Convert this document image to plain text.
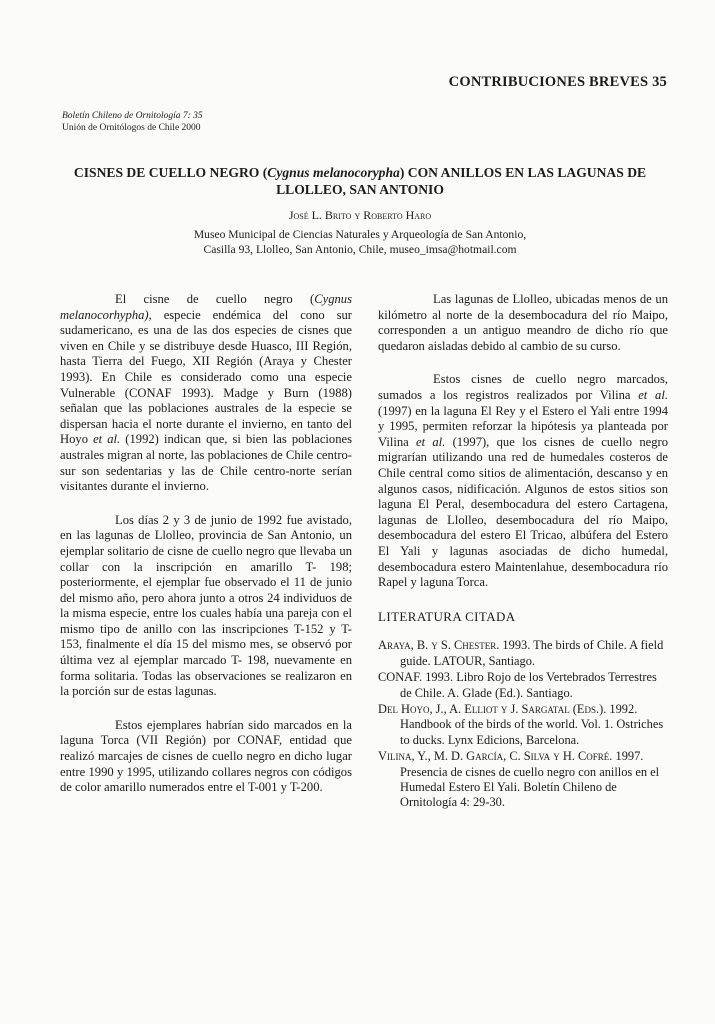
CONTRIBUCIONES BREVES 35
Boletín Chileno de Ornitología 7: 35
Unión de Ornitólogos de Chile 2000
CISNES DE CUELLO NEGRO (Cygnus melanocorypha) CON ANILLOS EN LAS LAGUNAS DE LLOLLEO, SAN ANTONIO
José L. Brito y Roberto Haro
Museo Municipal de Ciencias Naturales y Arqueología de San Antonio,
Casilla 93, Llolleo, San Antonio, Chile, museo_imsa@hotmail.com

El cisne de cuello negro (Cygnus melanocorhypha), especie endémica del cono sur sudamericano, es una de las dos especies de cisnes que viven en Chile y se distribuye desde Huasco, III Región, hasta Tierra del Fuego, XII Región (Araya y Chester 1993). En Chile es considerado como una especie Vulnerable (CONAF 1993). Madge y Burn (1988) señalan que las poblaciones australes de la especie se dispersan hacia el norte durante el invierno, en tanto del Hoyo et al. (1992) indican que, si bien las poblaciones australes migran al norte, las poblaciones de Chile centro-sur son sedentarias y las de Chile centro-norte serían visitantes durante el invierno.

Los días 2 y 3 de junio de 1992 fue avistado, en las lagunas de Llolleo, provincia de San Antonio, un ejemplar solitario de cisne de cuello negro que llevaba un collar con la inscripción en amarillo T- 198; posteriormente, el ejemplar fue observado el 11 de junio del mismo año, pero ahora junto a otros 24 individuos de la misma especie, entre los cuales había una pareja con el mismo tipo de anillo con las inscripciones T-152 y T- 153, finalmente el día 15 del mismo mes, se observó por última vez al ejemplar marcado T- 198, nuevamente en forma solitaria. Todas las observaciones se realizaron en la porción sur de estas lagunas.

Estos ejemplares habrían sido marcados en la laguna Torca (VII Región) por CONAF, entidad que realizó marcajes de cisnes de cuello negro en dicho lugar entre 1990 y 1995, utilizando collares negros con códigos de color amarillo numerados entre el T-001 y T-200.

Las lagunas de Llolleo, ubicadas menos de un kilómetro al norte de la desembocadura del río Maipo, corresponden a un antiguo meandro de dicho río que quedaron aisladas debido al cambio de su curso.

Estos cisnes de cuello negro marcados, sumados a los registros realizados por Vilina et al. (1997) en la laguna El Rey y el Estero el Yali entre 1994 y 1995, permiten reforzar la hipótesis ya planteada por Vilina et al. (1997), que los cisnes de cuello negro migrarían utilizando una red de humedales costeros de Chile central como sitios de alimentación, descanso y en algunos casos, nidificación. Algunos de estos sitios son laguna El Peral, desembocadura del estero Cartagena, lagunas de Llolleo, desembocadura del río Maipo, desembocadura del estero El Tricao, albúfera del Estero El Yali y lagunas asociadas de dicho humedal, desembocadura estero Maintenlahue, desembocadura río Rapel y laguna Torca.

LITERATURA CITADA
Araya, B. y S. Chester. 1993. The birds of Chile. A field guide. LATOUR, Santiago.
CONAF. 1993. Libro Rojo de los Vertebrados Terrestres de Chile. A. Glade (Ed.). Santiago.
Del Hoyo, J., A. Elliot y J. Sargatal (Eds.). 1992. Handbook of the birds of the world. Vol. 1. Ostriches to ducks. Lynx Edicions, Barcelona.
Vilina, Y., M. D. García, C. Silva y H. Cofré. 1997. Presencia de cisnes de cuello negro con anillos en el Humedal Estero El Yali. Boletín Chileno de Ornitología 4: 29-30.
